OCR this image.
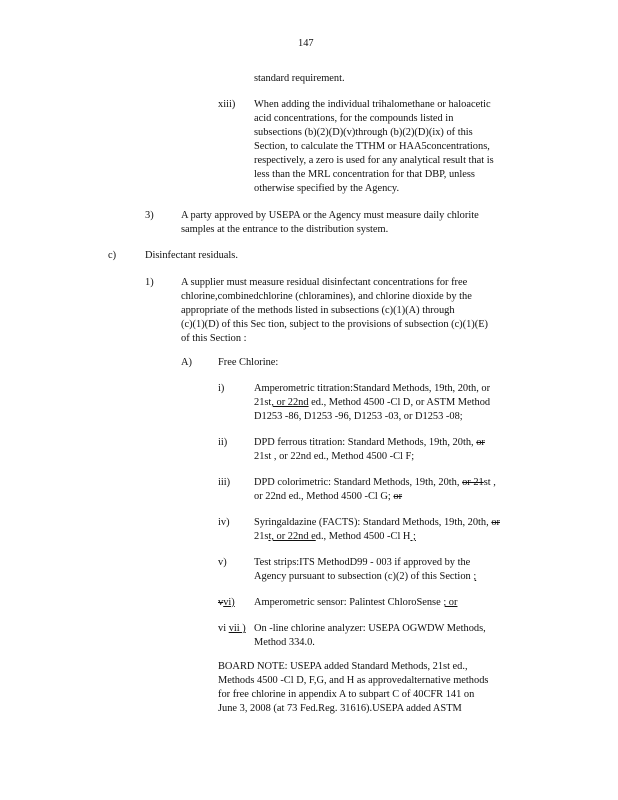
147
standard requirement.
xiii) When adding the individual trihalomethane or haloacetic
acid concentrations, for the compounds listed in
subsections (b)(2)(D)(v)through (b)(2)(D)(ix) of this
Section, to calculate the TTHM or HAA5concentrations,
respectively, a zero is used for any analytical result that is
less than the MRL concentration for that DBP, unless
otherwise specified by the Agency.
3)	A party approved by USEPA or the Agency must measure daily chlorite
samples at the entrance to the distribution system.
c)	Disinfectant residuals.
1)	A supplier must measure residual disinfectant concentrations for free
chlorine,combinedchlorine (chloramines), and chlorine dioxide by the
appropriate of the methods listed in subsections (c)(1)(A) through
(c)(1)(D) of this Sec tion, subject to the provisions of subsection (c)(1)(E)
of this Section :
A)	Free Chlorine:
i)	Amperometric titration:Standard Methods, 19th, 20th, or
21st, or 22nd ed., Method 4500 -Cl D, or ASTM Method
D1253 -86, D1253 -96, D1253 -03, or D1253 -08;
ii)	DPD ferrous titration: Standard Methods, 19th, 20th, or
21st , or 22nd ed., Method 4500 -Cl F;
iii) DPD colorimetric: Standard Methods, 19th, 20th, or 21st ,
or 22nd ed., Method 4500 -Cl G; or
iv) Syringaldazine (FACTS): Standard Methods, 19th, 20th, or
21st, or 22nd ed., Method 4500 -Cl H ;
v)	Test strips:ITS MethodD99 - 003 if approved by the
Agency pursuant to subsection (c)(2) of this Section ;
vvi) Amperometric sensor: Palintest ChloroSense ; or
vi vii ) On -line chlorine analyzer: USEPA OGWDW Methods,
Method 334.0.
BOARD NOTE: USEPA added Standard Methods, 21st ed.,
Methods 4500 -Cl D, F,G, and H as approvedalternative methods
for free chlorine in appendix A to subpart C of 40CFR 141 on
June 3, 2008 (at 73 Fed.Reg. 31616).USEPA added ASTM
